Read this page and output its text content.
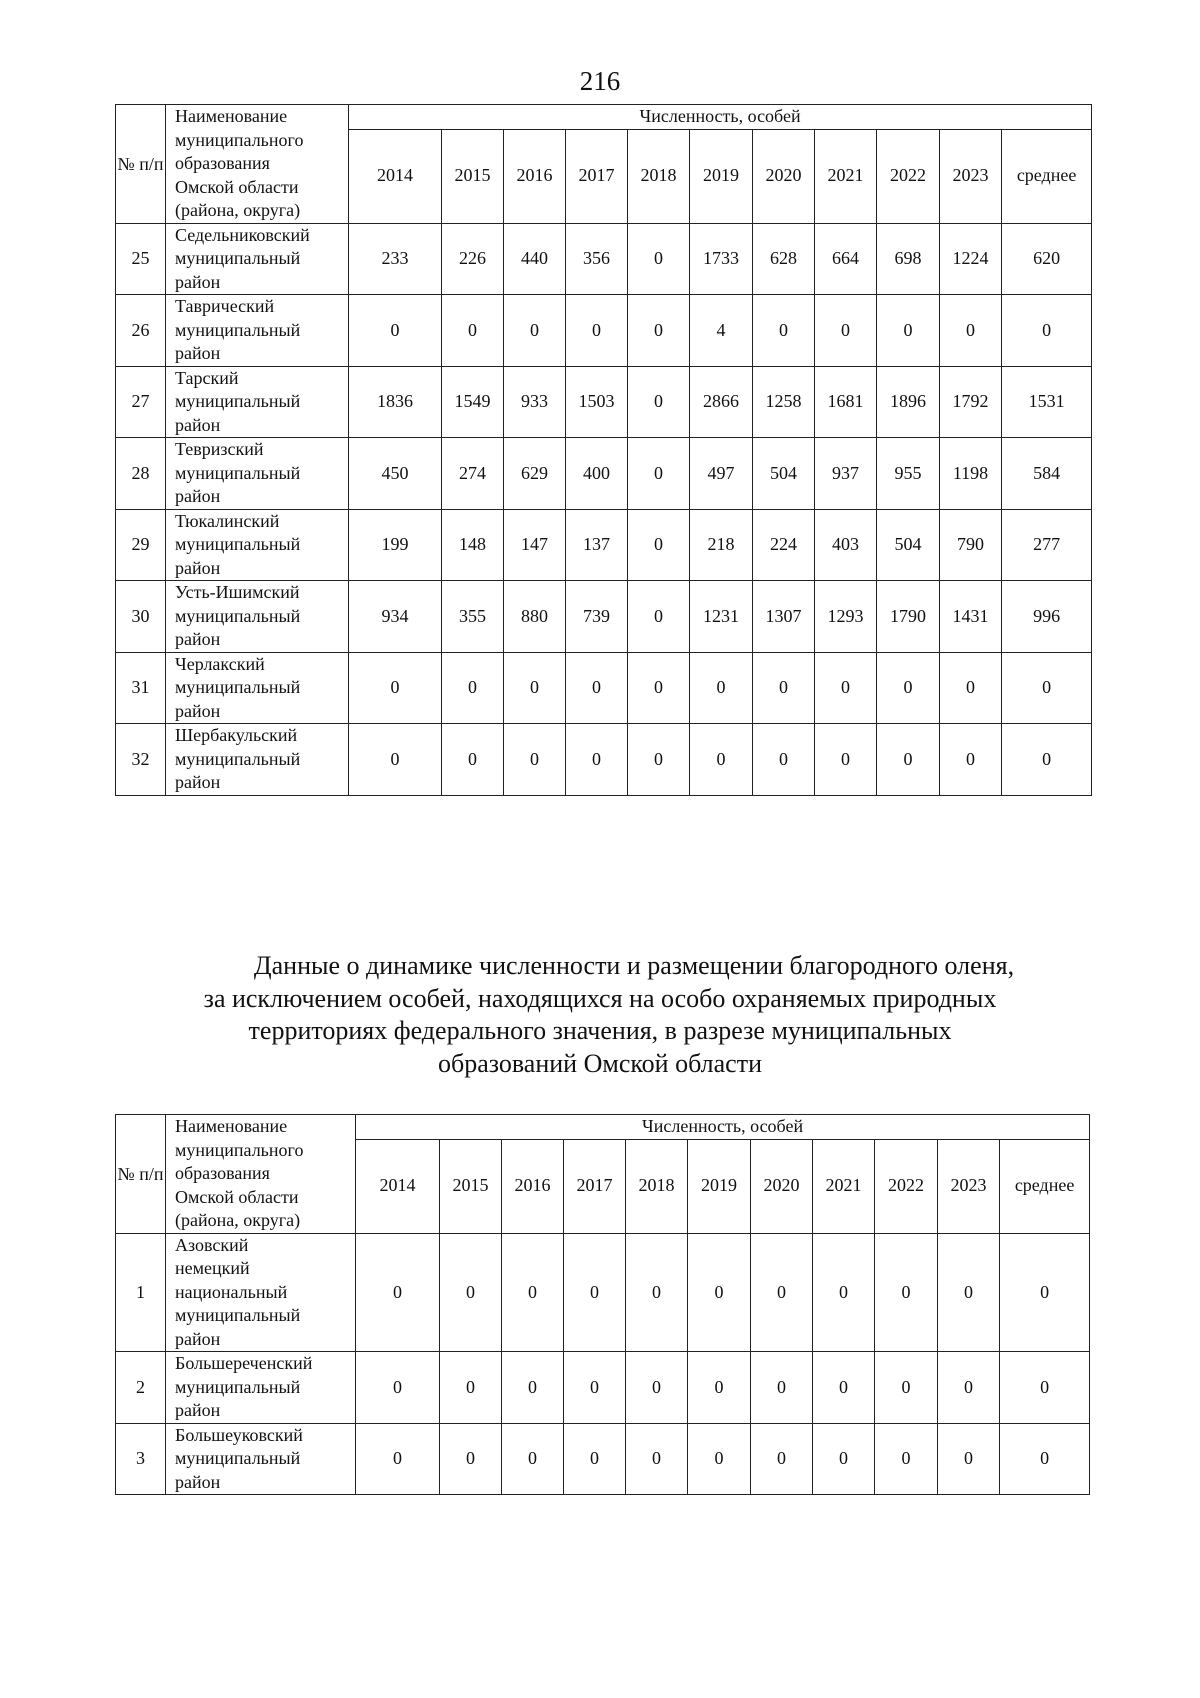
216
№ п/п	Наименование
муниципального
образования
Омской области
(района, округа)	Численность, особей										
		2014	2015	2016	2017	2018	2019	2020	2021	2022	2023	среднее
25	Седельниковский
муниципальный
район	233	226	440	356	0	1733	628	664	698	1224	620
26	Таврический
муниципальный
район	0	0	0	0	0	4	0	0	0	0	0
27	Тарский
муниципальный
район	1836	1549	933	1503	0	2866	1258	1681	1896	1792	1531
28	Тевризский
муниципальный
район	450	274	629	400	0	497	504	937	955	1198	584
29	Тюкалинский
муниципальный
район	199	148	147	137	0	218	224	403	504	790	277
30	Усть-Ишимский
муниципальный
район	934	355	880	739	0	1231	1307	1293	1790	1431	996
31	Черлакский
муниципальный
район	0	0	0	0	0	0	0	0	0	0	0
32	Шербакульский
муниципальный
район	0	0	0	0	0	0	0	0	0	0	0
Данные о динамике численности и размещении благородного оленя,
за исключением особей, находящихся на особо охраняемых природных
территориях федерального значения, в разрезе муниципальных
образований Омской области
№ п/п	Наименование
муниципального
образования
Омской области
(района, округа)	Численность, особей										
		2014	2015	2016	2017	2018	2019	2020	2021	2022	2023	среднее
1	Азовский
немецкий
национальный
муниципальный
район	0	0	0	0	0	0	0	0	0	0	0
2	Большереченский
муниципальный
район	0	0	0	0	0	0	0	0	0	0	0
3	Большеуковский
муниципальный
район	0	0	0	0	0	0	0	0	0	0	0
